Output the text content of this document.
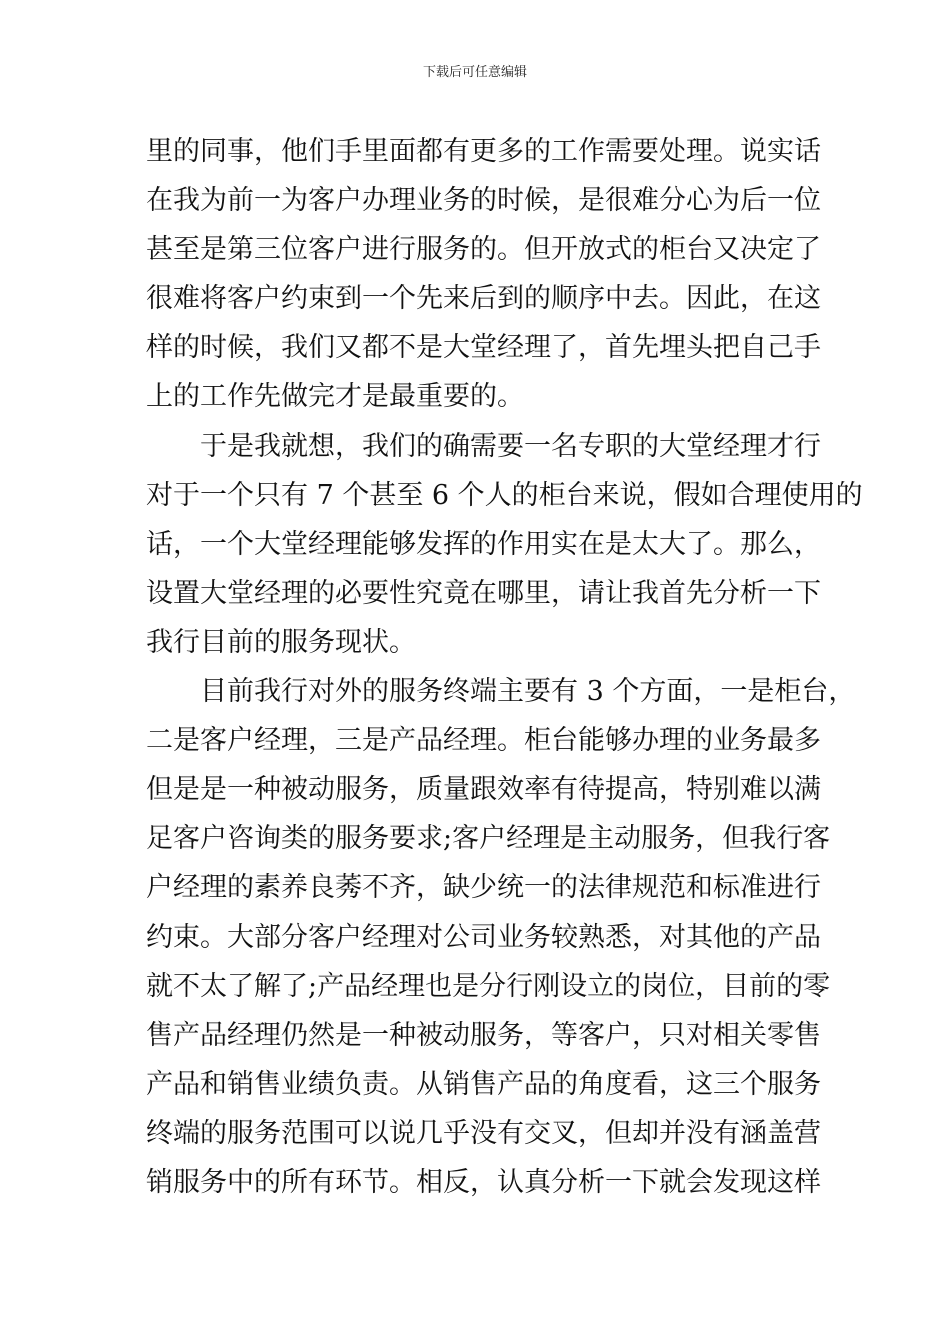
下载后可任意编辑
里的同事，他们手里面都有更多的工作需要处理。说实话
在我为前一为客户办理业务的时候，是很难分心为后一位
甚至是第三位客户进行服务的。但开放式的柜台又决定了
很难将客户约束到一个先来后到的顺序中去。因此，在这
样的时候，我们又都不是大堂经理了，首先埋头把自己手
上的工作先做完才是最重要的。
于是我就想，我们的确需要一名专职的大堂经理才行
对于一个只有 7 个甚至 6 个人的柜台来说，假如合理使用的
话，一个大堂经理能够发挥的作用实在是太大了。那么，
设置大堂经理的必要性究竟在哪里，请让我首先分析一下
我行目前的服务现状。
目前我行对外的服务终端主要有 3 个方面，一是柜台，
二是客户经理，三是产品经理。柜台能够办理的业务最多
但是是一种被动服务，质量跟效率有待提高，特别难以满
足客户咨询类的服务要求;客户经理是主动服务，但我行客
户经理的素养良莠不齐，缺少统一的法律规范和标准进行
约束。大部分客户经理对公司业务较熟悉，对其他的产品
就不太了解了;产品经理也是分行刚设立的岗位，目前的零
售产品经理仍然是一种被动服务，等客户，只对相关零售
产品和销售业绩负责。从销售产品的角度看，这三个服务
终端的服务范围可以说几乎没有交叉，但却并没有涵盖营
销服务中的所有环节。相反，认真分析一下就会发现这样
